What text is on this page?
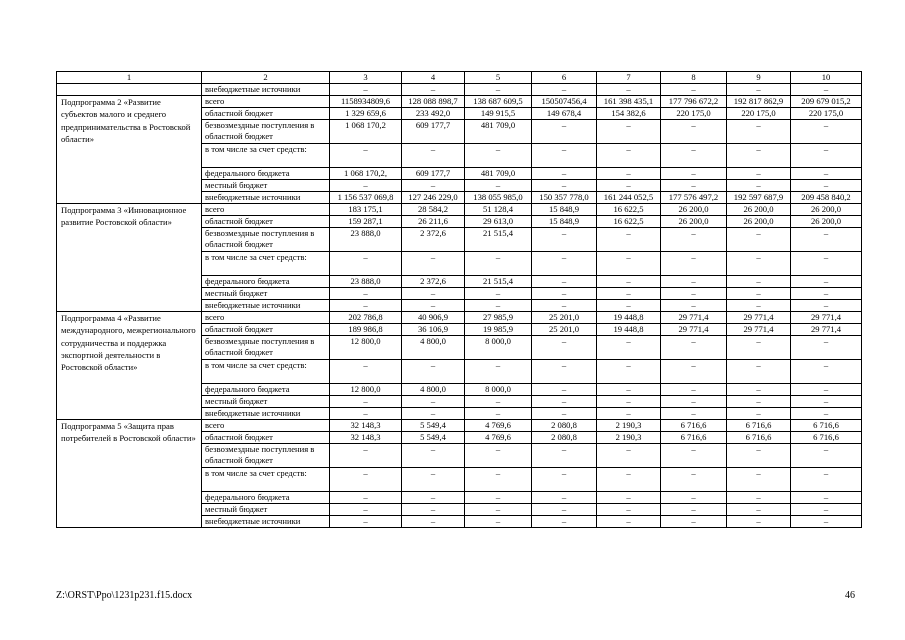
1	2	3	4	5	6	7	8	9	10
	внебюджетные источники	–	–	–	–	–	–	–	–
Подпрограмма 2 «Развитие субъектов малого и среднего предпринимательства в Ростовской области»	всего	1158934809,6	128 088 898,7	138 687 609,5	150507456,4	161 398 435,1	177 796 672,2	192 817 862,9	209 679 015,2
	областной бюджет	1 329 659,6	233 492,0	149 915,5	149 678,4	154 382,6	220 175,0	220 175,0	220 175,0
	безвозмездные поступления в областной бюджет	1 068 170,2	609 177,7	481 709,0	–	–	–	–	–
	в том числе за счет средств:	–	–	–	–	–	–	–	–
	федерального бюджета	1 068 170,2,	609 177,7	481 709,0	–	–	–	–	–
	местный бюджет	–	–	–	–	–	–	–	–
	внебюджетные источники	1 156 537 069,8	127 246 229,0	138 055 985,0	150 357 778,0	161 244 052,5	177 576 497,2	192 597 687,9	209 458 840,2
Подпрограмма 3 «Инновационное развитие Ростовской области»	всего	183 175,1	28 584,2	51 128,4	15 848,9	16 622,5	26 200,0	26 200,0	26 200,0
	областной бюджет	159 287,1	26 211,6	29 613,0	15 848,9	16 622,5	26 200,0	26 200,0	26 200,0
	безвозмездные поступления в областной бюджет	23 888,0	2 372,6	21 515,4	–	–	–	–	–
	в том числе за счет средств:	–	–	–	–	–	–	–	–
	федерального бюджета	23 888,0	2 372,6	21 515,4	–	–	–	–	–
	местный бюджет	–	–	–	–	–	–	–	–
	внебюджетные источники	–	–	–	–	–	–	–	–
Подпрограмма 4 «Развитие международного, межрегионального сотрудничества и поддержка экспортной деятельности в Ростовской области»	всего	202 786,8	40 906,9	27 985,9	25 201,0	19 448,8	29 771,4	29 771,4	29 771,4
	областной бюджет	189 986,8	36 106,9	19 985,9	25 201,0	19 448,8	29 771,4	29 771,4	29 771,4
	безвозмездные поступления в областной бюджет	12 800,0	4 800,0	8 000,0	–	–	–	–	–
	в том числе за счет средств:	–	–	–	–	–	–	–	–
	федерального бюджета	12 800,0	4 800,0	8 000,0	–	–	–	–	–
	местный бюджет	–	–	–	–	–	–	–	–
	внебюджетные источники	–	–	–	–	–	–	–	–
Подпрограмма 5 «Защита прав потребителей в Ростовской области»	всего	32 148,3	5 549,4	4 769,6	2 080,8	2 190,3	6 716,6	6 716,6	6 716,6
	областной бюджет	32 148,3	5 549,4	4 769,6	2 080,8	2 190,3	6 716,6	6 716,6	6 716,6
	безвозмездные поступления в областной бюджет	–	–	–	–	–	–	–	–
	в том числе за счет средств:	–	–	–	–	–	–	–	–
	федерального бюджета	–	–	–	–	–	–	–	–
	местный бюджет	–	–	–	–	–	–	–	–
	внебюджетные источники	–	–	–	–	–	–	–	–
Z:\ORST\Ppo\1231p231.f15.docx	46
